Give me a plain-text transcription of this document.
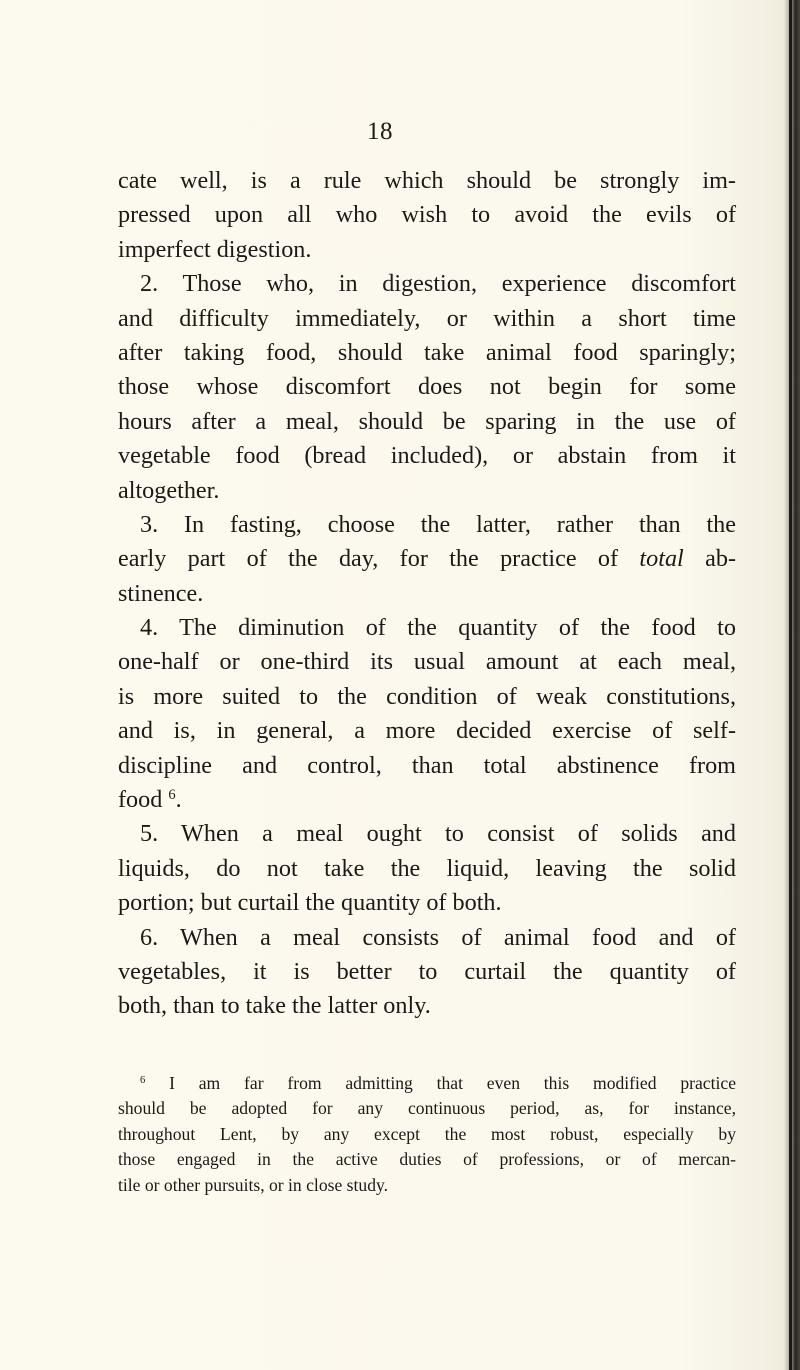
18
cate well, is a rule which should be strongly im-
pressed upon all who wish to avoid the evils of
imperfect digestion.
2. Those who, in digestion, experience discomfort
and difficulty immediately, or within a short time
after taking food, should take animal food sparingly;
those whose discomfort does not begin for some
hours after a meal, should be sparing in the use of
vegetable food (bread included), or abstain from it
altogether.
3. In fasting, choose the latter, rather than the
early part of the day, for the practice of total ab-
stinence.
4. The diminution of the quantity of the food to
one-half or one-third its usual amount at each meal,
is more suited to the condition of weak constitutions,
and is, in general, a more decided exercise of self-
discipline and control, than total abstinence from
food $^6$.
5. When a meal ought to consist of solids and
liquids, do not take the liquid, leaving the solid
portion; but curtail the quantity of both.
6. When a meal consists of animal food and of
vegetables, it is better to curtail the quantity of
both, than to take the latter only.
$^6$ I am far from admitting that even this modified practice
should be adopted for any continuous period, as, for instance,
throughout Lent, by any except the most robust, especially by
those engaged in the active duties of professions, or of mercan-
tile or other pursuits, or in close study.
